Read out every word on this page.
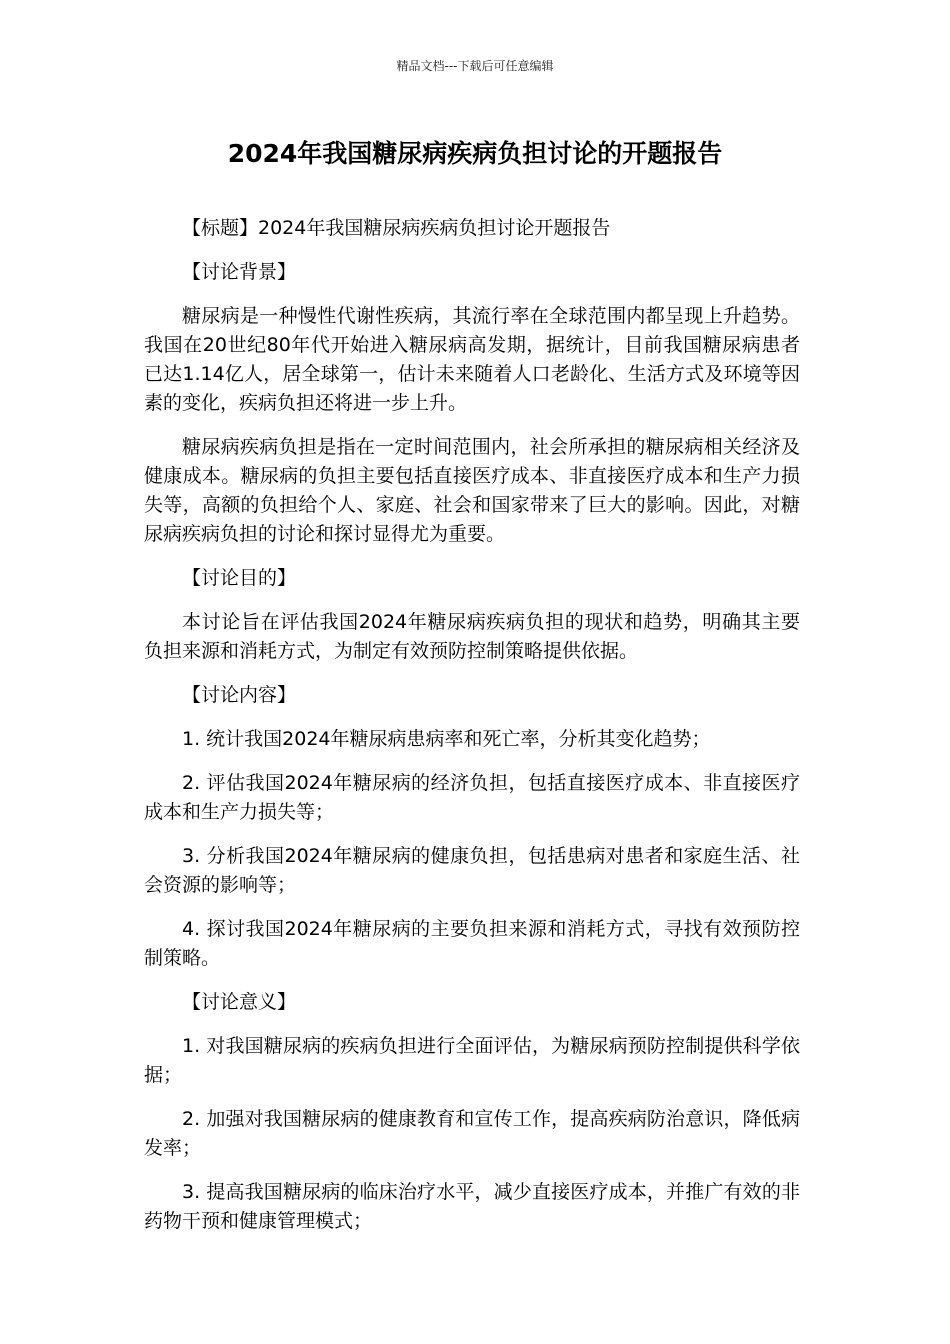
精品文档---下载后可任意编辑
2024年我国糖尿病疾病负担讨论的开题报告

【标题】2024年我国糖尿病疾病负担讨论开题报告

【讨论背景】

糖尿病是一种慢性代谢性疾病，其流行率在全球范围内都呈现上升趋势。我国在20世纪80年代开始进入糖尿病高发期，据统计，目前我国糖尿病患者已达1.14亿人，居全球第一，估计未来随着人口老龄化、生活方式及环境等因素的变化，疾病负担还将进一步上升。

糖尿病疾病负担是指在一定时间范围内，社会所承担的糖尿病相关经济及健康成本。糖尿病的负担主要包括直接医疗成本、非直接医疗成本和生产力损失等，高额的负担给个人、家庭、社会和国家带来了巨大的影响。因此，对糖尿病疾病负担的讨论和探讨显得尤为重要。

【讨论目的】

本讨论旨在评估我国2024年糖尿病疾病负担的现状和趋势，明确其主要负担来源和消耗方式，为制定有效预防控制策略提供依据。

【讨论内容】

1. 统计我国2024年糖尿病患病率和死亡率，分析其变化趋势；

2. 评估我国2024年糖尿病的经济负担，包括直接医疗成本、非直接医疗成本和生产力损失等；

3. 分析我国2024年糖尿病的健康负担，包括患病对患者和家庭生活、社会资源的影响等；

4. 探讨我国2024年糖尿病的主要负担来源和消耗方式，寻找有效预防控制策略。

【讨论意义】

1. 对我国糖尿病的疾病负担进行全面评估，为糖尿病预防控制提供科学依据；

2. 加强对我国糖尿病的健康教育和宣传工作，提高疾病防治意识，降低病发率；

3. 提高我国糖尿病的临床治疗水平，减少直接医疗成本，并推广有效的非药物干预和健康管理模式；
